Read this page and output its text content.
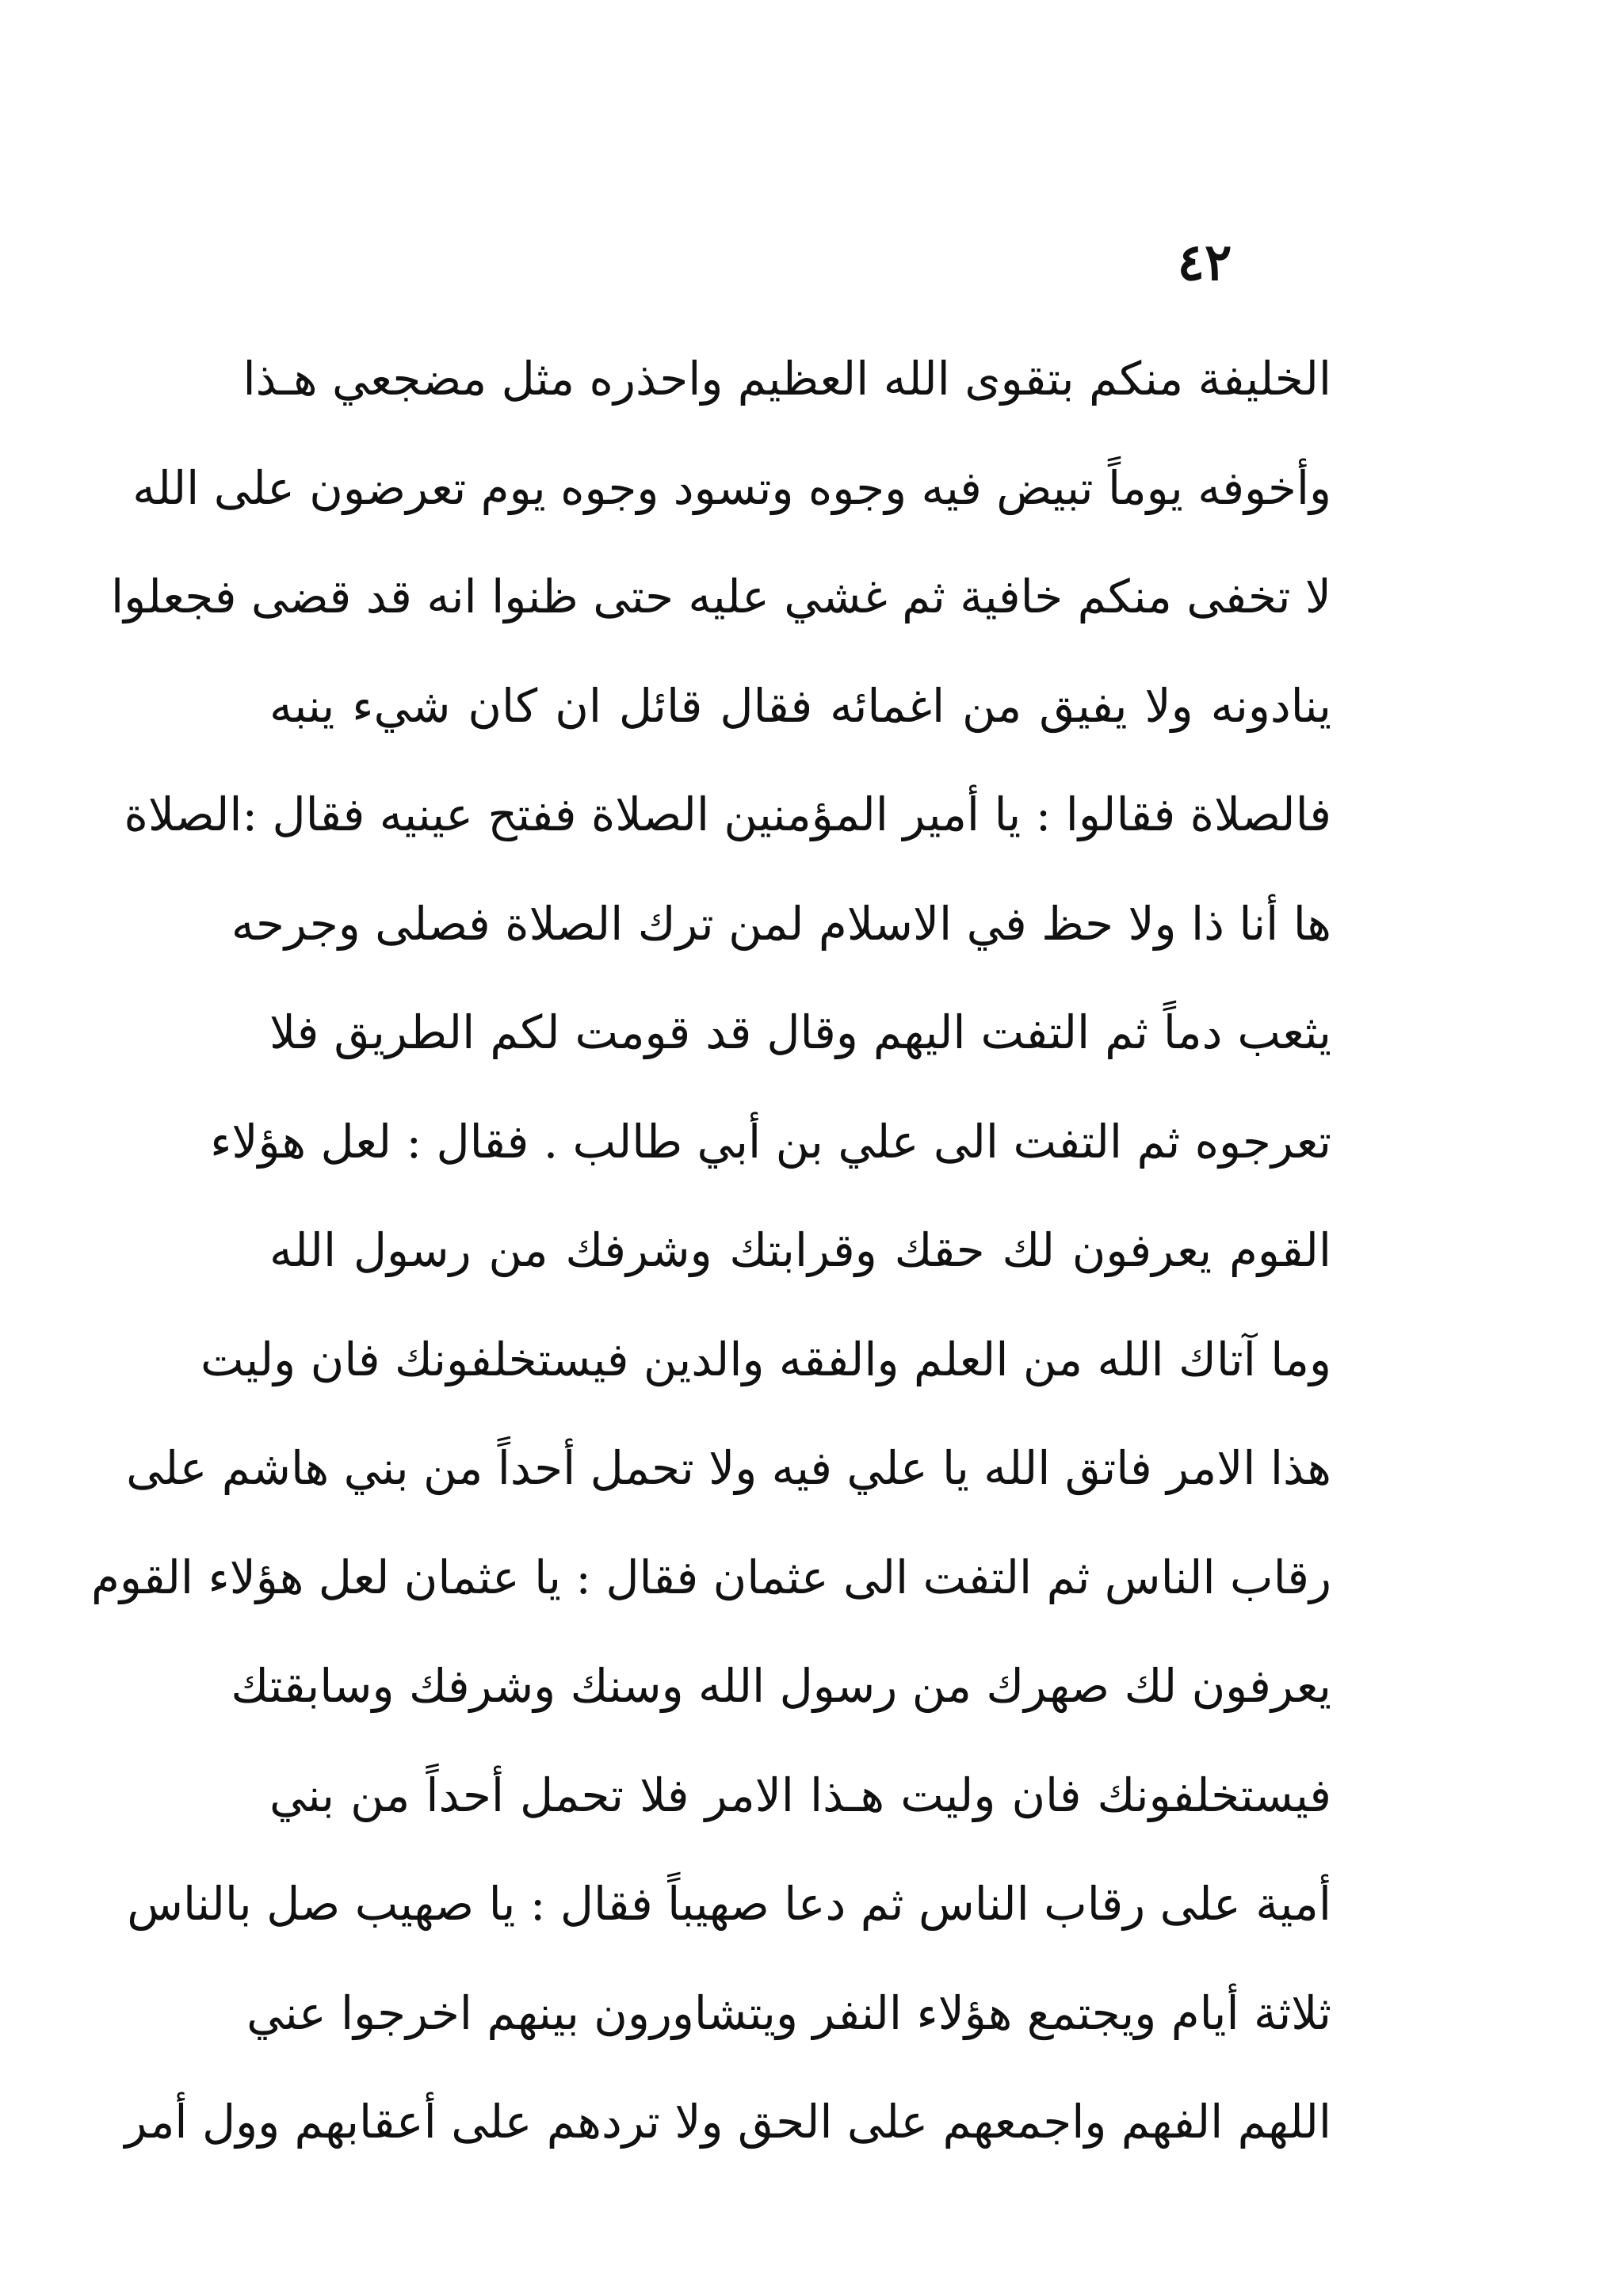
٤٢
الخليفة منكم بتقوى الله العظيم واحذره مثل مضجعي هـذا
وأخوفه يوماً تبيض فيه وجوه وتسود وجوه يوم تعرضون على الله
لا تخفى منكم خافية ثم غشي عليه حتى ظنوا انه قد قضى فجعلوا
ينادونه ولا يفيق من اغمائه فقال قائل ان كان شيء ينبه
فالصلاة فقالوا : يا أمير المؤمنين الصلاة ففتح عينيه فقال :الصلاة
ها أنا ذا ولا حظ في الاسلام لمن ترك الصلاة فصلى وجرحه
يثعب دماً ثم التفت اليهم وقال قد قومت لكم الطريق فلا
تعرجوه ثم التفت الى علي بن أبي طالب . فقال : لعل هؤلاء
القوم يعرفون لك حقك وقرابتك وشرفك من رسول الله
وما آتاك الله من العلم والفقه والدين فيستخلفونك فان وليت
هذا الامر فاتق الله يا علي فيه ولا تحمل أحداً من بني هاشم على
رقاب الناس ثم التفت الى عثمان فقال : يا عثمان لعل هؤلاء القوم
يعرفون لك صهرك من رسول الله وسنك وشرفك وسابقتك
فيستخلفونك فان وليت هـذا الامر فلا تحمل أحداً من بني
أمية على رقاب الناس ثم دعا صهيباً فقال : يا صهيب صل بالناس
ثلاثة أيام ويجتمع هؤلاء النفر ويتشاورون بينهم اخرجوا عني
اللهم الفهم واجمعهم على الحق ولا تردهم على أعقابهم وول أمر
